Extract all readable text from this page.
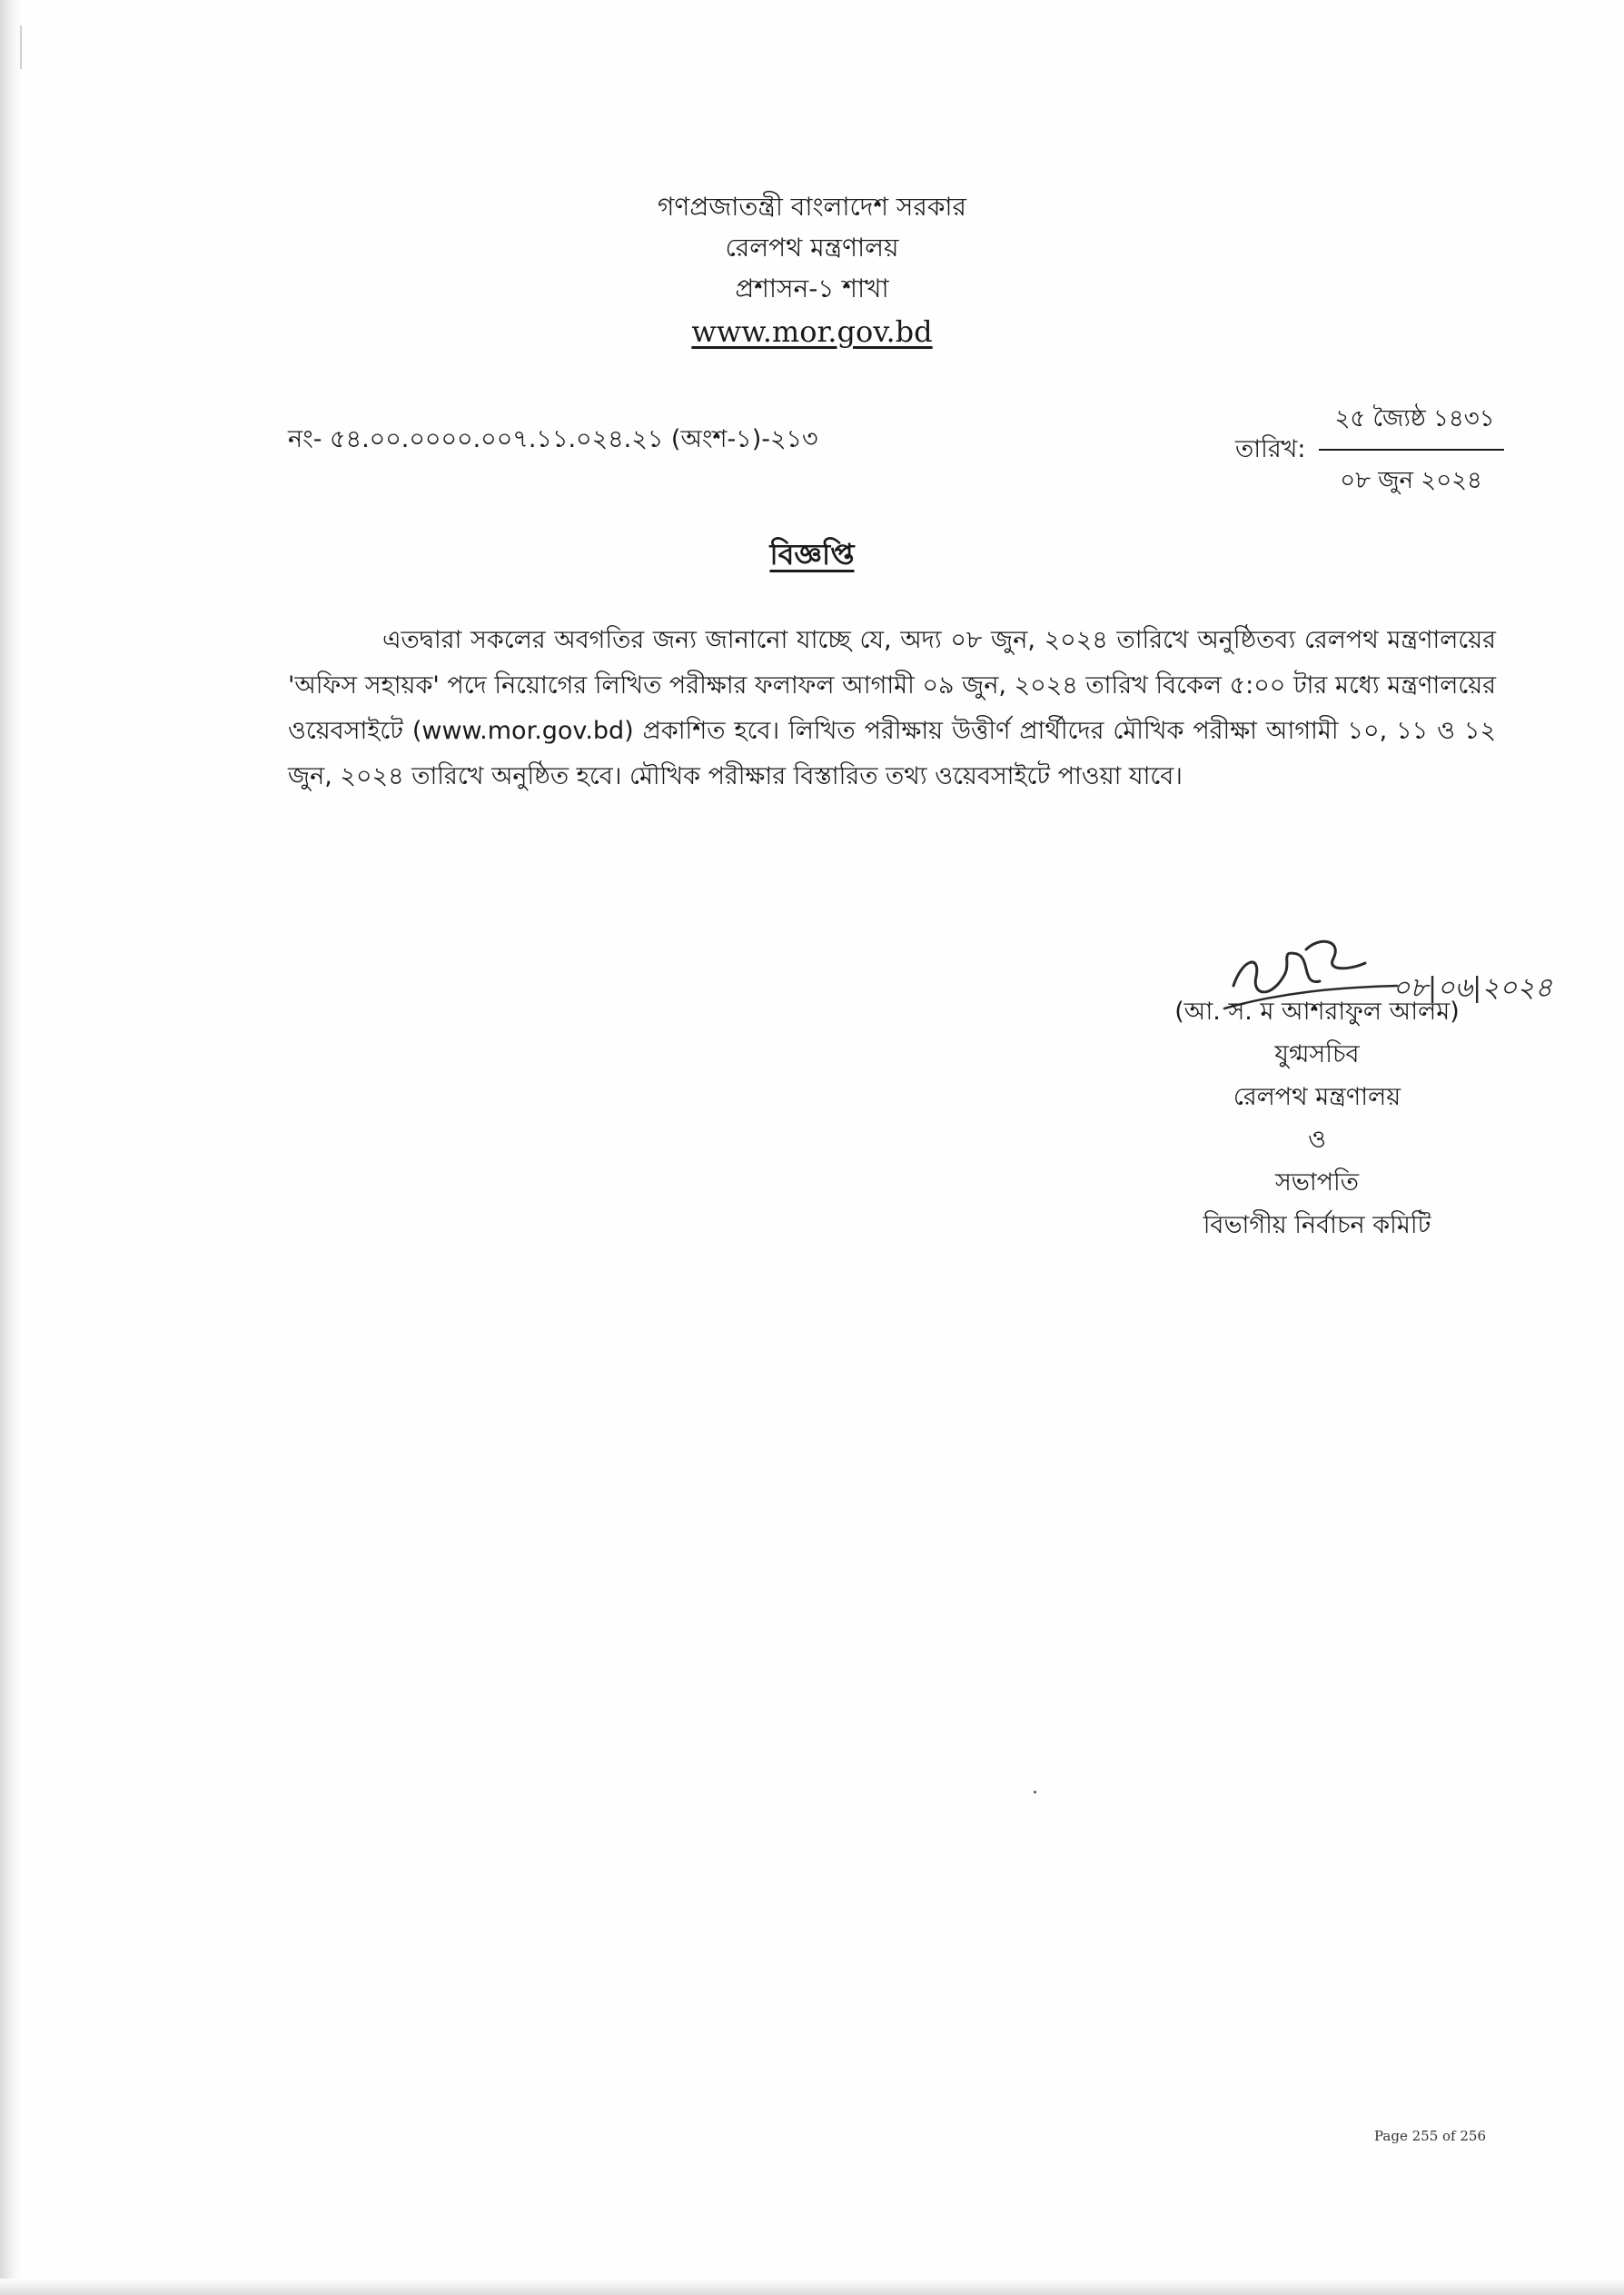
গণপ্রজাতন্ত্রী বাংলাদেশ সরকার
রেলপথ মন্ত্রণালয়
প্রশাসন-১ শাখা
www.mor.gov.bd
নং- ৫৪.০০.০০০০.০০৭.১১.০২৪.২১ (অংশ-১)-২১৩	তারিখ: $\frac{\text{২৫ জ্যৈষ্ঠ ১৪৩১}}{\text{০৮ জুন ২০২৪}}$
বিজ্ঞপ্তি
এতদ্বারা সকলের অবগতির জন্য জানানো যাচ্ছে যে, অদ্য ০৮ জুন, ২০২৪ তারিখে অনুষ্ঠিতব্য রেলপথ মন্ত্রণালয়ের 'অফিস সহায়ক' পদে নিয়োগের লিখিত পরীক্ষার ফলাফল আগামী ০৯ জুন, ২০২৪ তারিখ বিকেল ৫:০০ টার মধ্যে মন্ত্রণালয়ের ওয়েবসাইটে (www.mor.gov.bd) প্রকাশিত হবে। লিখিত পরীক্ষায় উত্তীর্ণ প্রার্থীদের মৌখিক পরীক্ষা আগামী ১০, ১১ ও ১২ জুন, ২০২৪ তারিখে অনুষ্ঠিত হবে। মৌখিক পরীক্ষার বিস্তারিত তথ্য ওয়েবসাইটে পাওয়া যাবে।
০৮|০৬|২০২৪
(আ. স. ম আশরাফুল আলম)
যুগ্মসচিব
রেলপথ মন্ত্রণালয়
ও
সভাপতি
বিভাগীয় নির্বাচন কমিটি
Page 255 of 256
